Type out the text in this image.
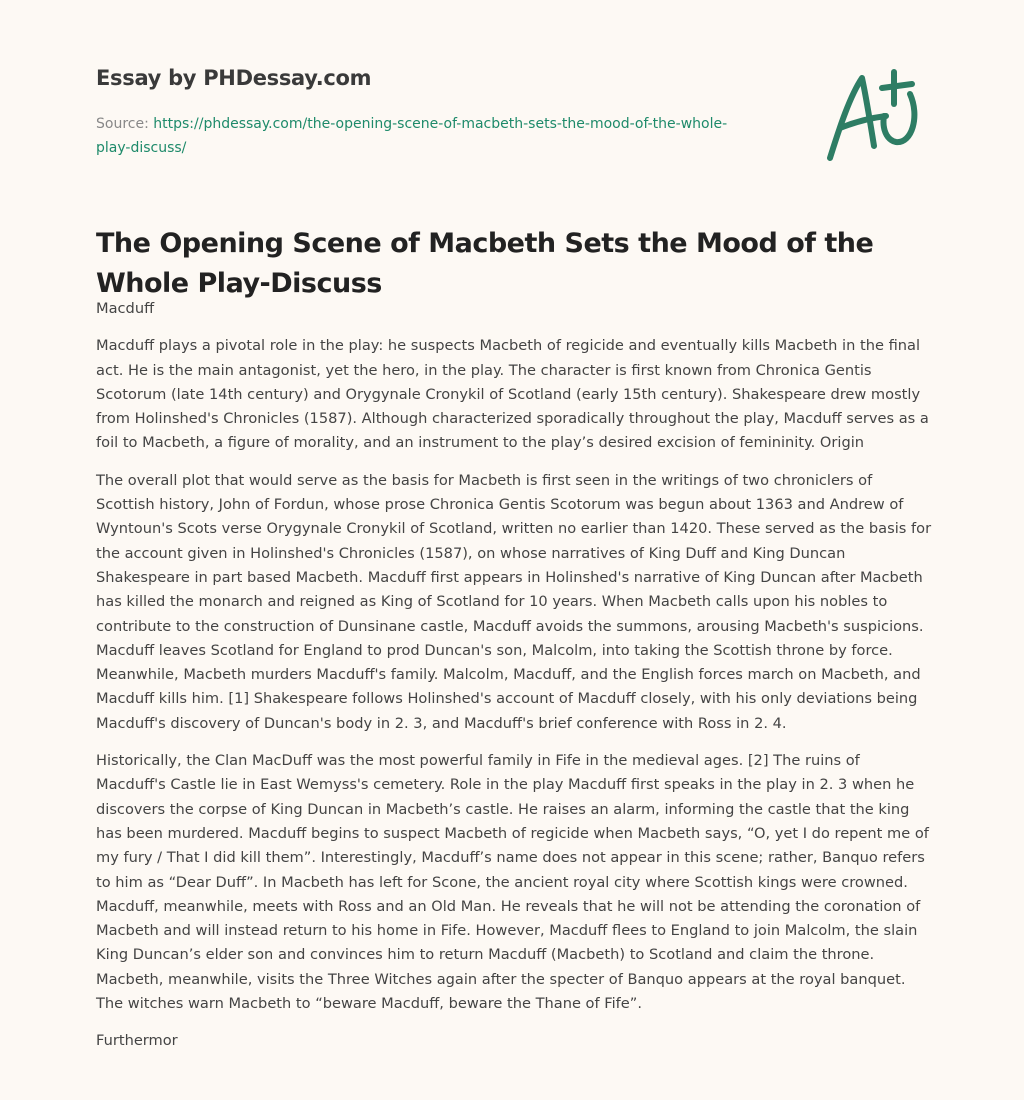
Essay by PHDessay.com
Source: https://phdessay.com/the-opening-scene-of-macbeth-sets-the-mood-of-the-whole-play-discuss/
The Opening Scene of Macbeth Sets the Mood of the Whole Play-Discuss

Macduff

Macduff plays a pivotal role in the play: he suspects Macbeth of regicide and eventually kills Macbeth in the final act. He is the main antagonist, yet the hero, in the play. The character is first known from Chronica Gentis Scotorum (late 14th century) and Orygynale Cronykil of Scotland (early 15th century). Shakespeare drew mostly from Holinshed's Chronicles (1587). Although characterized sporadically throughout the play, Macduff serves as a foil to Macbeth, a figure of morality, and an instrument to the play’s desired excision of femininity. Origin

The overall plot that would serve as the basis for Macbeth is first seen in the writings of two chroniclers of Scottish history, John of Fordun, whose prose Chronica Gentis Scotorum was begun about 1363 and Andrew of Wyntoun's Scots verse Orygynale Cronykil of Scotland, written no earlier than 1420. These served as the basis for the account given in Holinshed's Chronicles (1587), on whose narratives of King Duff and King Duncan Shakespeare in part based Macbeth. Macduff first appears in Holinshed's narrative of King Duncan after Macbeth has killed the monarch and reigned as King of Scotland for 10 years. When Macbeth calls upon his nobles to contribute to the construction of Dunsinane castle, Macduff avoids the summons, arousing Macbeth's suspicions. Macduff leaves Scotland for England to prod Duncan's son, Malcolm, into taking the Scottish throne by force. Meanwhile, Macbeth murders Macduff's family. Malcolm, Macduff, and the English forces march on Macbeth, and Macduff kills him. [1] Shakespeare follows Holinshed's account of Macduff closely, with his only deviations being Macduff's discovery of Duncan's body in 2. 3, and Macduff's brief conference with Ross in 2. 4.

Historically, the Clan MacDuff was the most powerful family in Fife in the medieval ages. [2] The ruins of Macduff's Castle lie in East Wemyss's cemetery. Role in the play Macduff first speaks in the play in 2. 3 when he discovers the corpse of King Duncan in Macbeth’s castle. He raises an alarm, informing the castle that the king has been murdered. Macduff begins to suspect Macbeth of regicide when Macbeth says, “O, yet I do repent me of my fury / That I did kill them”. Interestingly, Macduff’s name does not appear in this scene; rather, Banquo refers to him as “Dear Duff”. In Macbeth has left for Scone, the ancient royal city where Scottish kings were crowned. Macduff, meanwhile, meets with Ross and an Old Man. He reveals that he will not be attending the coronation of Macbeth and will instead return to his home in Fife. However, Macduff flees to England to join Malcolm, the slain King Duncan’s elder son and convinces him to return Macduff (Macbeth) to Scotland and claim the throne. Macbeth, meanwhile, visits the Three Witches again after the specter of Banquo appears at the royal banquet. The witches warn Macbeth to “beware Macduff, beware the Thane of Fife”.

Furthermor
